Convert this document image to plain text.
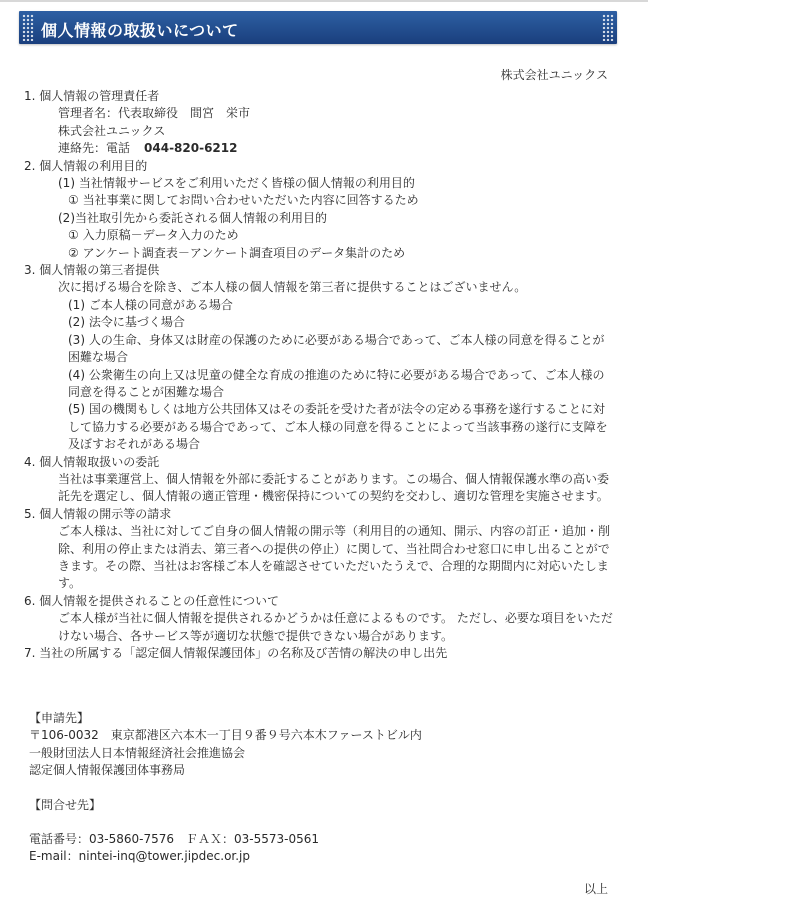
個人情報の取扱いについて
株式会社ユニックス
1. 個人情報の管理責任者
管理者名：代表取締役　間宮　栄市
株式会社ユニックス
連絡先：電話 044-820-6212
2. 個人情報の利用目的
(1) 当社情報サービスをご利用いただく皆様の個人情報の利用目的
① 当社事業に関してお問い合わせいただいた内容に回答するため
(2)当社取引先から委託される個人情報の利用目的
① 入力原稿－データ入力のため
② アンケート調査表－アンケート調査項目のデータ集計のため
3. 個人情報の第三者提供
次に掲げる場合を除き、ご本人様の個人情報を第三者に提供することはございません。
(1) ご本人様の同意がある場合
(2) 法令に基づく場合
(3) 人の生命、身体又は財産の保護のために必要がある場合であって、ご本人様の同意を得ることが困難な場合
(4) 公衆衛生の向上又は児童の健全な育成の推進のために特に必要がある場合であって、ご本人様の同意を得ることが困難な場合
(5) 国の機関もしくは地方公共団体又はその委託を受けた者が法令の定める事務を遂行することに対して協力する必要がある場合であって、ご本人様の同意を得ることによって当該事務の遂行に支障を及ぼすおそれがある場合
4. 個人情報取扱いの委託
当社は事業運営上、個人情報を外部に委託することがあります。この場合、個人情報保護水準の高い委託先を選定し、個人情報の適正管理・機密保持についての契約を交わし、適切な管理を実施させます。
5. 個人情報の開示等の請求
ご本人様は、当社に対してご自身の個人情報の開示等（利用目的の通知、開示、内容の訂正・追加・削除、利用の停止または消去、第三者への提供の停止）に関して、当社問合わせ窓口に申し出ることができます。その際、当社はお客様ご本人を確認させていただいたうえで、合理的な期間内に対応いたします。
6. 個人情報を提供されることの任意性について
ご本人様が当社に個人情報を提供されるかどうかは任意によるものです。 ただし、必要な項目をいただけない場合、各サービス等が適切な状態で提供できない場合があります。
7. 当社の所属する「認定個人情報保護団体」の名称及び苦情の解決の申し出先
【申請先】
〒106-0032　東京都港区六本木一丁目９番９号六本木ファーストビル内
一般財団法人日本情報経済社会推進協会
認定個人情報保護団体事務局
【問合せ先】
電話番号：03-5860-7576　ＦＡＸ：03-5573-0561
E-mail：nintei-inq@tower.jipdec.or.jp
以上
